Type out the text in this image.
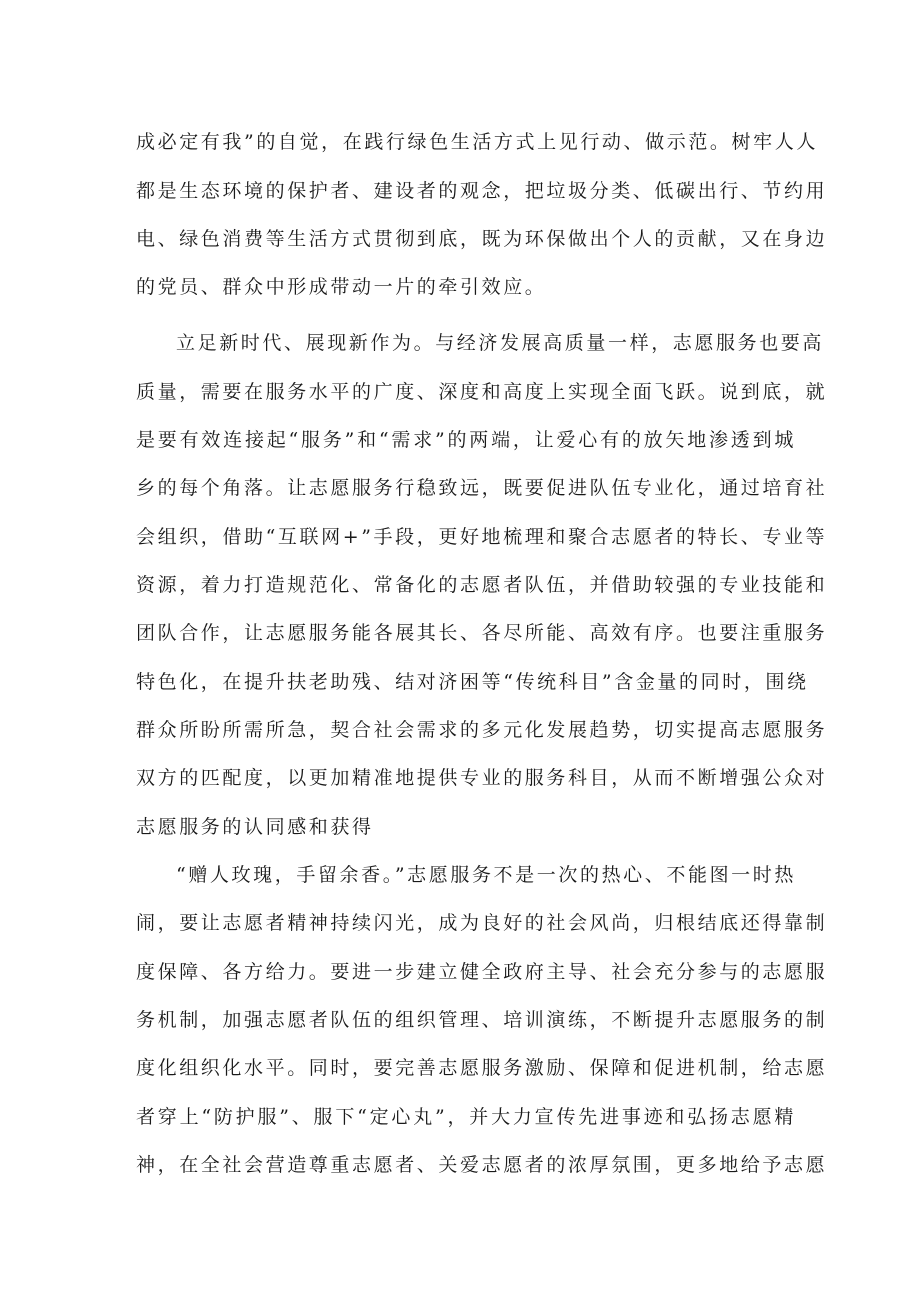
成必定有我”的自觉，在践行绿色生活方式上见行动、做示范。树牢人人
都是生态环境的保护者、建设者的观念，把垃圾分类、低碳出行、节约用
电、绿色消费等生活方式贯彻到底，既为环保做出个人的贡献，又在身边
的党员、群众中形成带动一片的牵引效应。
立足新时代、展现新作为。与经济发展高质量一样，志愿服务也要高
质量，需要在服务水平的广度、深度和高度上实现全面飞跃。说到底，就
是要有效连接起“服务”和“需求”的两端，让爱心有的放矢地渗透到城
乡的每个角落。让志愿服务行稳致远，既要促进队伍专业化，通过培育社
会组织，借助“互联网+”手段，更好地梳理和聚合志愿者的特长、专业等
资源，着力打造规范化、常备化的志愿者队伍，并借助较强的专业技能和
团队合作，让志愿服务能各展其长、各尽所能、高效有序。也要注重服务
特色化，在提升扶老助残、结对济困等“传统科目”含金量的同时，围绕
群众所盼所需所急，契合社会需求的多元化发展趋势，切实提高志愿服务
双方的匹配度，以更加精准地提供专业的服务科目，从而不断增强公众对
志愿服务的认同感和获得
“赠人玫瑰，手留余香。”志愿服务不是一次的热心、不能图一时热
闹，要让志愿者精神持续闪光，成为良好的社会风尚，归根结底还得靠制
度保障、各方给力。要进一步建立健全政府主导、社会充分参与的志愿服
务机制，加强志愿者队伍的组织管理、培训演练，不断提升志愿服务的制
度化组织化水平。同时，要完善志愿服务激励、保障和促进机制，给志愿
者穿上“防护服”、服下“定心丸”，并大力宣传先进事迹和弘扬志愿精
神，在全社会营造尊重志愿者、关爱志愿者的浓厚氛围，更多地给予志愿
